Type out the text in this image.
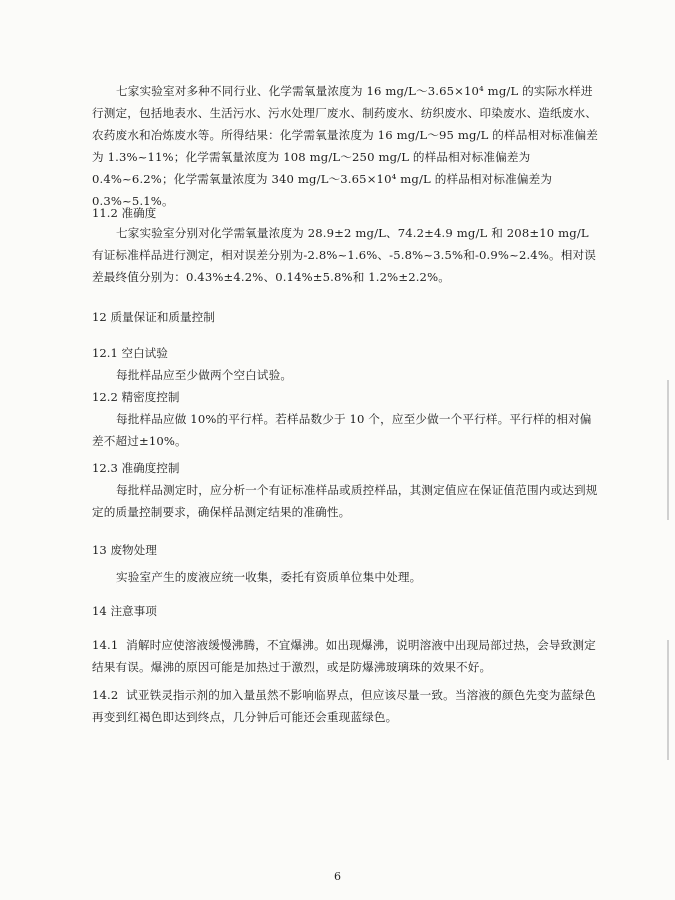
七家实验室对多种不同行业、化学需氧量浓度为 16 mg/L～3.65×10⁴ mg/L 的实际水样进行测定，包括地表水、生活污水、污水处理厂废水、制药废水、纺织废水、印染废水、造纸废水、农药废水和冶炼废水等。所得结果：化学需氧量浓度为 16 mg/L～95 mg/L 的样品相对标准偏差为 1.3%~11%；化学需氧量浓度为 108 mg/L～250 mg/L 的样品相对标准偏差为 0.4%~6.2%；化学需氧量浓度为 340 mg/L～3.65×10⁴ mg/L 的样品相对标准偏差为 0.3%~5.1%。
11.2 准确度
七家实验室分别对化学需氧量浓度为 28.9±2 mg/L、74.2±4.9 mg/L 和 208±10 mg/L 有证标准样品进行测定，相对误差分别为-2.8%~1.6%、-5.8%~3.5%和-0.9%~2.4%。相对误差最终值分别为：0.43%±4.2%、0.14%±5.8%和 1.2%±2.2%。
12 质量保证和质量控制
12.1 空白试验
每批样品应至少做两个空白试验。
12.2 精密度控制
每批样品应做 10%的平行样。若样品数少于 10 个，应至少做一个平行样。平行样的相对偏差不超过±10%。
12.3 准确度控制
每批样品测定时，应分析一个有证标准样品或质控样品，其测定值应在保证值范围内或达到规定的质量控制要求，确保样品测定结果的准确性。
13 废物处理
实验室产生的废液应统一收集，委托有资质单位集中处理。
14 注意事项
14.1  消解时应使溶液缓慢沸腾，不宜爆沸。如出现爆沸，说明溶液中出现局部过热，会导致测定结果有误。爆沸的原因可能是加热过于激烈，或是防爆沸玻璃珠的效果不好。
14.2  试亚铁灵指示剂的加入量虽然不影响临界点，但应该尽量一致。当溶液的颜色先变为蓝绿色再变到红褐色即达到终点，几分钟后可能还会重现蓝绿色。
6
